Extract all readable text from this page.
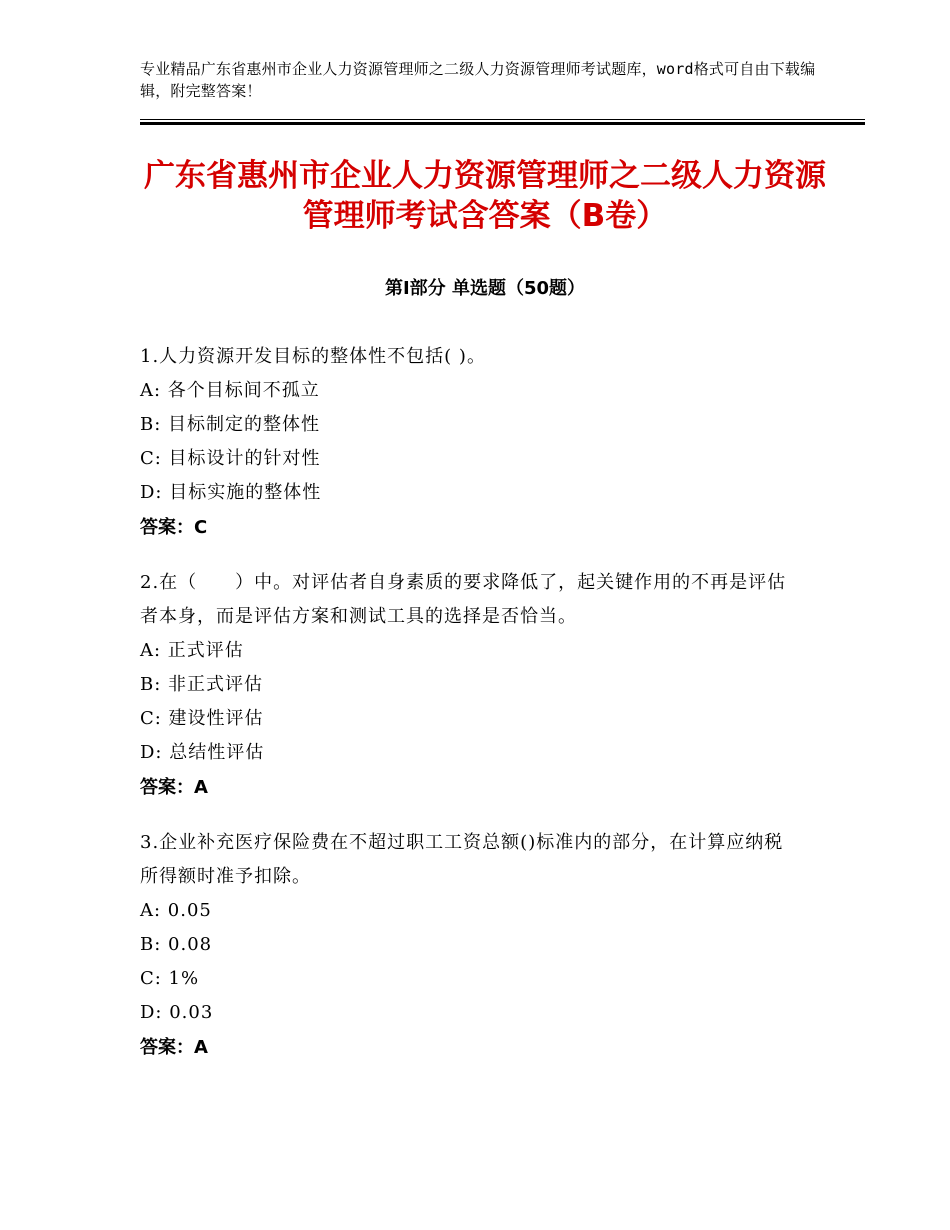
专业精品广东省惠州市企业人力资源管理师之二级人力资源管理师考试题库，word格式可自由下载编辑，附完整答案！
广东省惠州市企业人力资源管理师之二级人力资源管理师考试含答案（B卷）
第Ⅰ部分 单选题（50题）

1.人力资源开发目标的整体性不包括( )。

A: 各个目标间不孤立

B: 目标制定的整体性

C: 目标设计的针对性

D: 目标实施的整体性

答案：C

2.在（　　）中。对评估者自身素质的要求降低了，起关键作用的不再是评估者本身，而是评估方案和测试工具的选择是否恰当。

A: 正式评估

B: 非正式评估

C: 建设性评估

D: 总结性评估

答案：A

3.企业补充医疗保险费在不超过职工工资总额()标准内的部分，在计算应纳税所得额时准予扣除。

A: 0.05

B: 0.08

C: 1%

D: 0.03

答案：A
